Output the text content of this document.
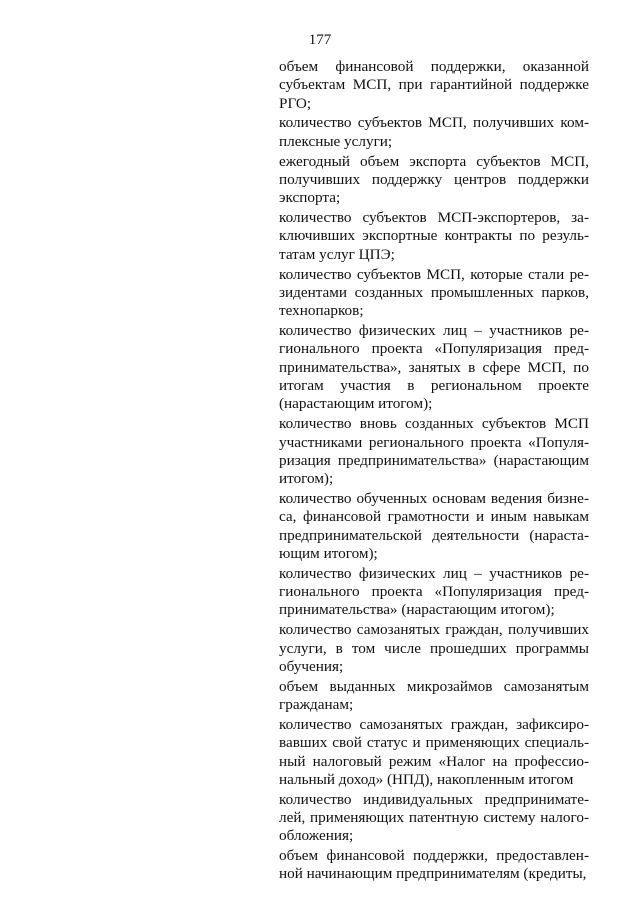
177

объем финансовой поддержки, оказанной субъектам МСП, при гарантийной поддержке РГО;

количество субъектов МСП, получивших комплексные услуги;

ежегодный объем экспорта субъектов МСП, получивших поддержку центров поддержки экспорта;

количество субъектов МСП-экспортеров, заключивших экспортные контракты по результатам услуг ЦПЭ;

количество субъектов МСП, которые стали резидентами созданных промышленных парков, технопарков;

количество физических лиц – участников регионального проекта «Популяризация предпринимательства», занятых в сфере МСП, по итогам участия в региональном проекте (нарастающим итогом);

количество вновь созданных субъектов МСП участниками регионального проекта «Популяризация предпринимательства» (нарастающим итогом);

количество обученных основам ведения бизнеса, финансовой грамотности и иным навыкам предпринимательской деятельности (нарастающим итогом);

количество физических лиц – участников регионального проекта «Популяризация предпринимательства» (нарастающим итогом);

количество самозанятых граждан, получивших услуги, в том числе прошедших программы обучения;

объем выданных микрозаймов самозанятым гражданам;

количество самозанятых граждан, зафиксировавших свой статус и применяющих специальный налоговый режим «Налог на профессиональный доход» (НПД), накопленным итогом

количество индивидуальных предпринимателей, применяющих патентную систему налогообложения;

объем финансовой поддержки, предоставленной начинающим предпринимателям (кредиты,
